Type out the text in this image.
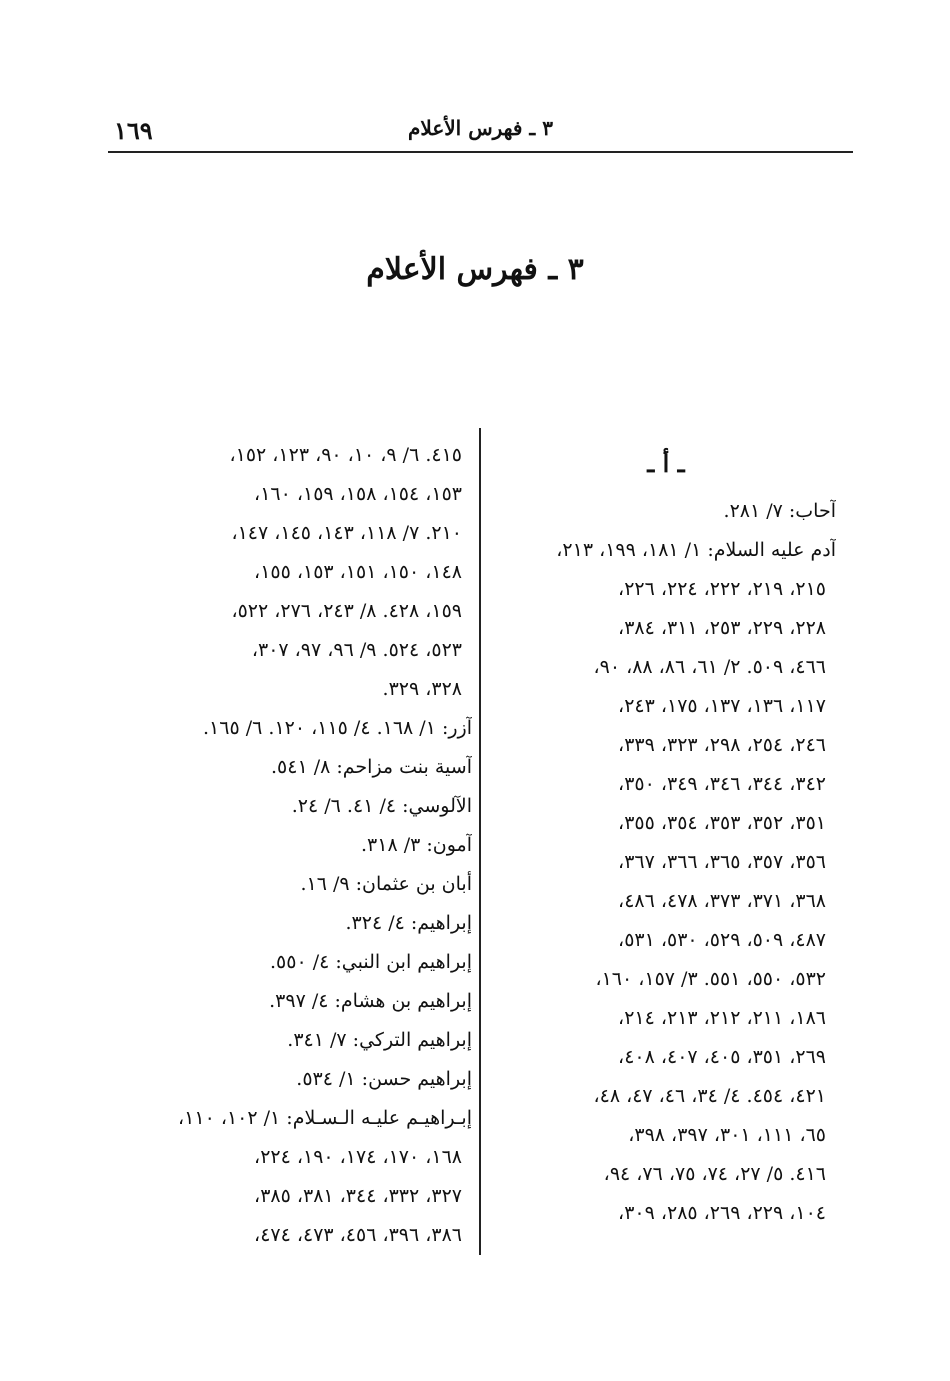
١٦٩	٣ ـ فهرس الأعلام
٣ ـ فهرس الأعلام
ـ أ ـ
آحاب: ٧/ ٢٨١.
آدم عليه السلام: ١/ ١٨١، ١٩٩، ٢١٣،
٢١٥، ٢١٩، ٢٢٢، ٢٢٤، ٢٢٦،
٢٢٨، ٢٢٩، ٢٥٣، ٣١١، ٣٨٤،
٤٦٦، ٥٠٩. ٢/ ٦١، ٨٦، ٨٨، ٩٠،
١١٧، ١٣٦، ١٣٧، ١٧٥، ٢٤٣،
٢٤٦، ٢٥٤، ٢٩٨، ٣٢٣، ٣٣٩،
٣٤٢، ٣٤٤، ٣٤٦، ٣٤٩، ٣٥٠،
٣٥١، ٣٥٢، ٣٥٣، ٣٥٤، ٣٥٥،
٣٥٦، ٣٥٧، ٣٦٥، ٣٦٦، ٣٦٧،
٣٦٨، ٣٧١، ٣٧٣، ٤٧٨، ٤٨٦،
٤٨٧، ٥٠٩، ٥٢٩، ٥٣٠، ٥٣١،
٥٣٢، ٥٥٠، ٥٥١. ٣/ ١٥٧، ١٦٠،
١٨٦، ٢١١، ٢١٢، ٢١٣، ٢١٤،
٢٦٩، ٣٥١، ٤٠٥، ٤٠٧، ٤٠٨،
٤٢١، ٤٥٤. ٤/ ٣٤، ٤٦، ٤٧، ٤٨،
٦٥، ١١١، ٣٠١، ٣٩٧، ٣٩٨،
٤١٦. ٥/ ٢٧، ٧٤، ٧٥، ٧٦، ٩٤،
١٠٤، ٢٢٩، ٢٦٩، ٢٨٥، ٣٠٩،
٤١٥. ٦/ ٩، ١٠، ٩٠، ١٢٣، ١٥٢،
١٥٣، ١٥٤، ١٥٨، ١٥٩، ١٦٠،
٢١٠. ٧/ ١١٨، ١٤٣، ١٤٥، ١٤٧،
١٤٨، ١٥٠، ١٥١، ١٥٣، ١٥٥،
١٥٩، ٤٢٨. ٨/ ٢٤٣، ٢٧٦، ٥٢٢،
٥٢٣، ٥٢٤. ٩/ ٩٦، ٩٧، ٣٠٧،
٣٢٨، ٣٢٩.
آزر: ١/ ١٦٨. ٤/ ١١٥، ١٢٠. ٦/ ١٦٥.
آسية بنت مزاحم: ٨/ ٥٤١.
الآلوسي: ٤/ ٤١. ٦/ ٢٤.
آمون: ٣/ ٣١٨.
أبان بن عثمان: ٩/ ١٦.
إبراهيم: ٤/ ٣٢٤.
إبراهيم ابن النبي: ٤/ ٥٥٠.
إبراهيم بن هشام: ٤/ ٣٩٧.
إبراهيم التركي: ٧/ ٣٤١.
إبراهيم حسن: ١/ ٥٣٤.
إبـراهيـم عليـه الـسـلام: ١/ ١٠٢، ١١٠،
١٦٨، ١٧٠، ١٧٤، ١٩٠، ٢٢٤،
٣٢٧، ٣٣٢، ٣٤٤، ٣٨١، ٣٨٥،
٣٨٦، ٣٩٦، ٤٥٦، ٤٧٣، ٤٧٤،
